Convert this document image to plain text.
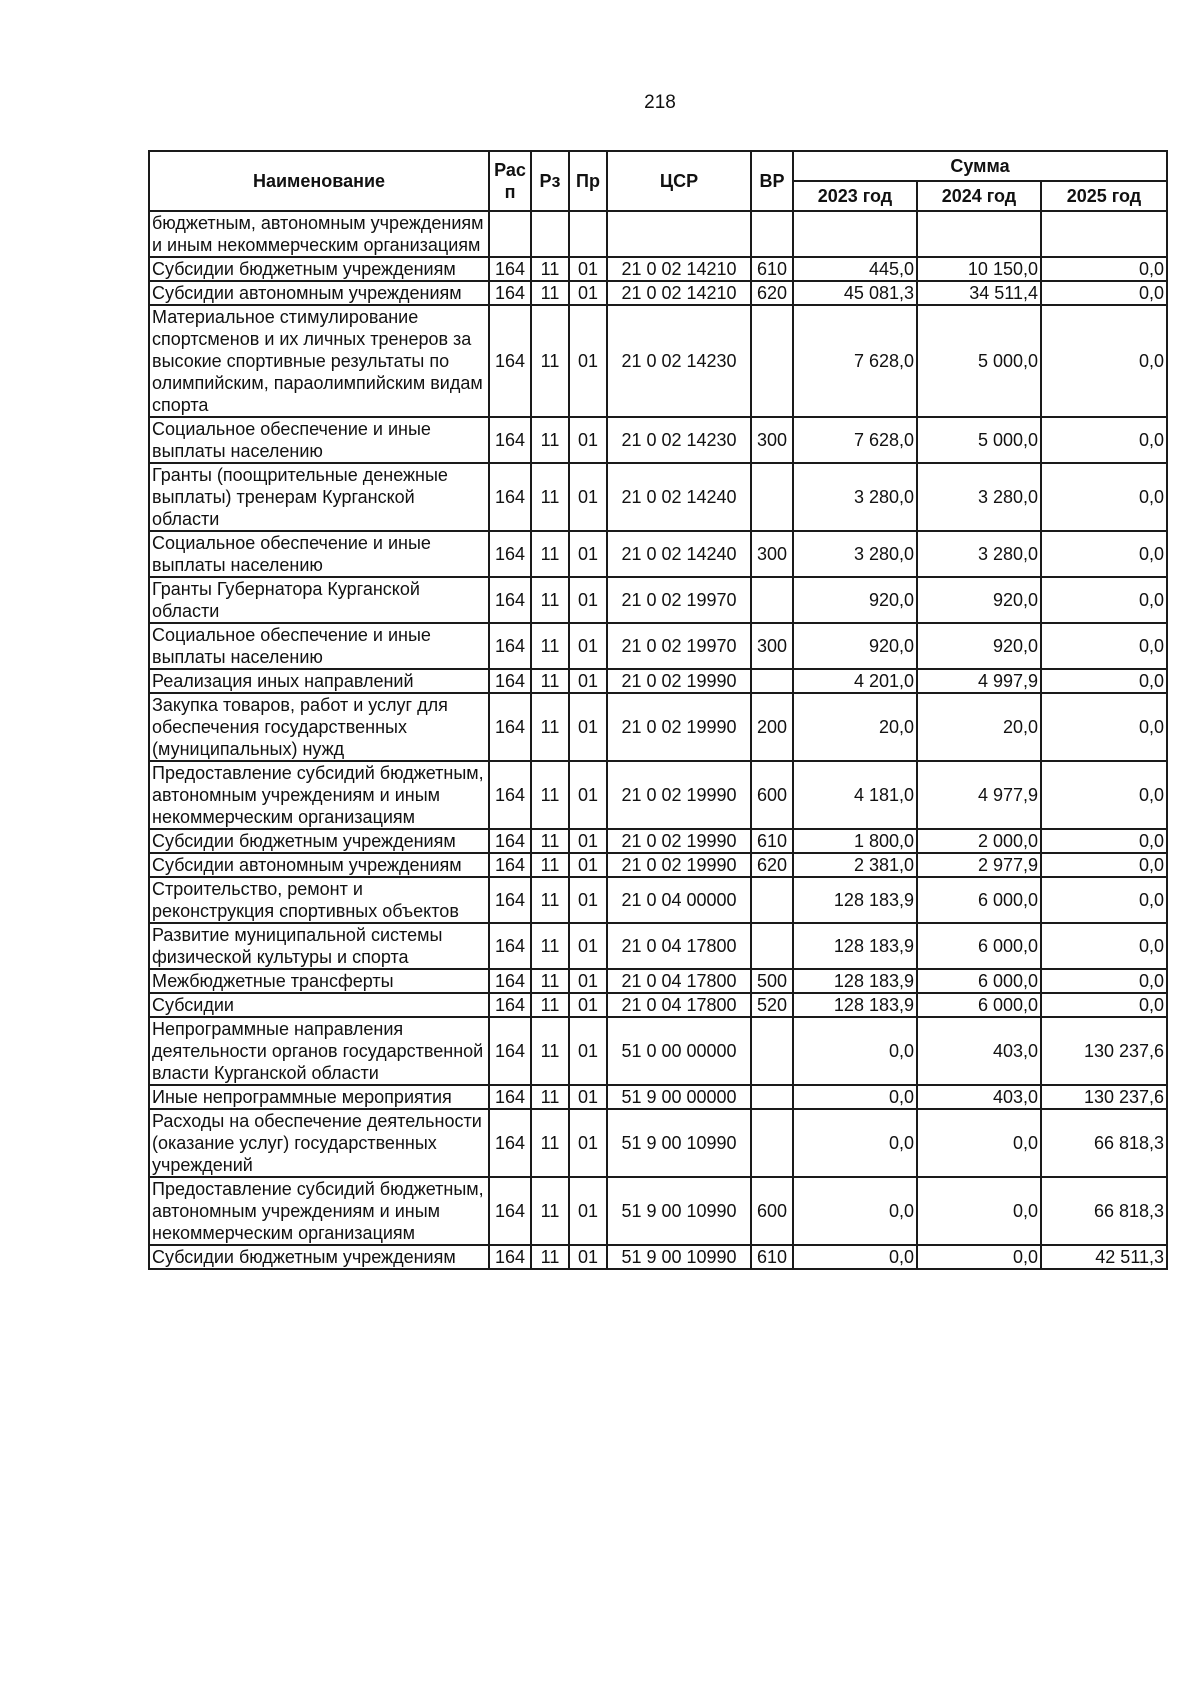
218
Наименование	Рас п	Рз	Пр	ЦСР	ВР	Сумма		
						2023 год	2024 год	2025 год
бюджетным, автономным учреждениям и иным некоммерческим организациям								
Субсидии бюджетным учреждениям	164	11	01	21 0 02 14210	610	445,0	10 150,0	0,0
Субсидии автономным учреждениям	164	11	01	21 0 02 14210	620	45 081,3	34 511,4	0,0
Материальное стимулирование спортсменов и их личных тренеров за высокие спортивные результаты по олимпийским, параолимпийским видам спорта	164	11	01	21 0 02 14230		7 628,0	5 000,0	0,0
Социальное обеспечение и иные выплаты населению	164	11	01	21 0 02 14230	300	7 628,0	5 000,0	0,0
Гранты (поощрительные денежные выплаты) тренерам Курганской области	164	11	01	21 0 02 14240		3 280,0	3 280,0	0,0
Социальное обеспечение и иные выплаты населению	164	11	01	21 0 02 14240	300	3 280,0	3 280,0	0,0
Гранты Губернатора Курганской области	164	11	01	21 0 02 19970		920,0	920,0	0,0
Социальное обеспечение и иные выплаты населению	164	11	01	21 0 02 19970	300	920,0	920,0	0,0
Реализация иных направлений	164	11	01	21 0 02 19990		4 201,0	4 997,9	0,0
Закупка товаров, работ и услуг для обеспечения государственных (муниципальных) нужд	164	11	01	21 0 02 19990	200	20,0	20,0	0,0
Предоставление субсидий бюджетным, автономным учреждениям и иным некоммерческим организациям	164	11	01	21 0 02 19990	600	4 181,0	4 977,9	0,0
Субсидии бюджетным учреждениям	164	11	01	21 0 02 19990	610	1 800,0	2 000,0	0,0
Субсидии автономным учреждениям	164	11	01	21 0 02 19990	620	2 381,0	2 977,9	0,0
Строительство, ремонт и реконструкция спортивных объектов	164	11	01	21 0 04 00000		128 183,9	6 000,0	0,0
Развитие муниципальной системы физической культуры и спорта	164	11	01	21 0 04 17800		128 183,9	6 000,0	0,0
Межбюджетные трансферты	164	11	01	21 0 04 17800	500	128 183,9	6 000,0	0,0
Субсидии	164	11	01	21 0 04 17800	520	128 183,9	6 000,0	0,0
Непрограммные направления деятельности органов государственной власти Курганской области	164	11	01	51 0 00 00000		0,0	403,0	130 237,6
Иные непрограммные мероприятия	164	11	01	51 9 00 00000		0,0	403,0	130 237,6
Расходы на обеспечение деятельности (оказание услуг) государственных учреждений	164	11	01	51 9 00 10990		0,0	0,0	66 818,3
Предоставление субсидий бюджетным, автономным учреждениям и иным некоммерческим организациям	164	11	01	51 9 00 10990	600	0,0	0,0	66 818,3
Субсидии бюджетным учреждениям	164	11	01	51 9 00 10990	610	0,0	0,0	42 511,3
